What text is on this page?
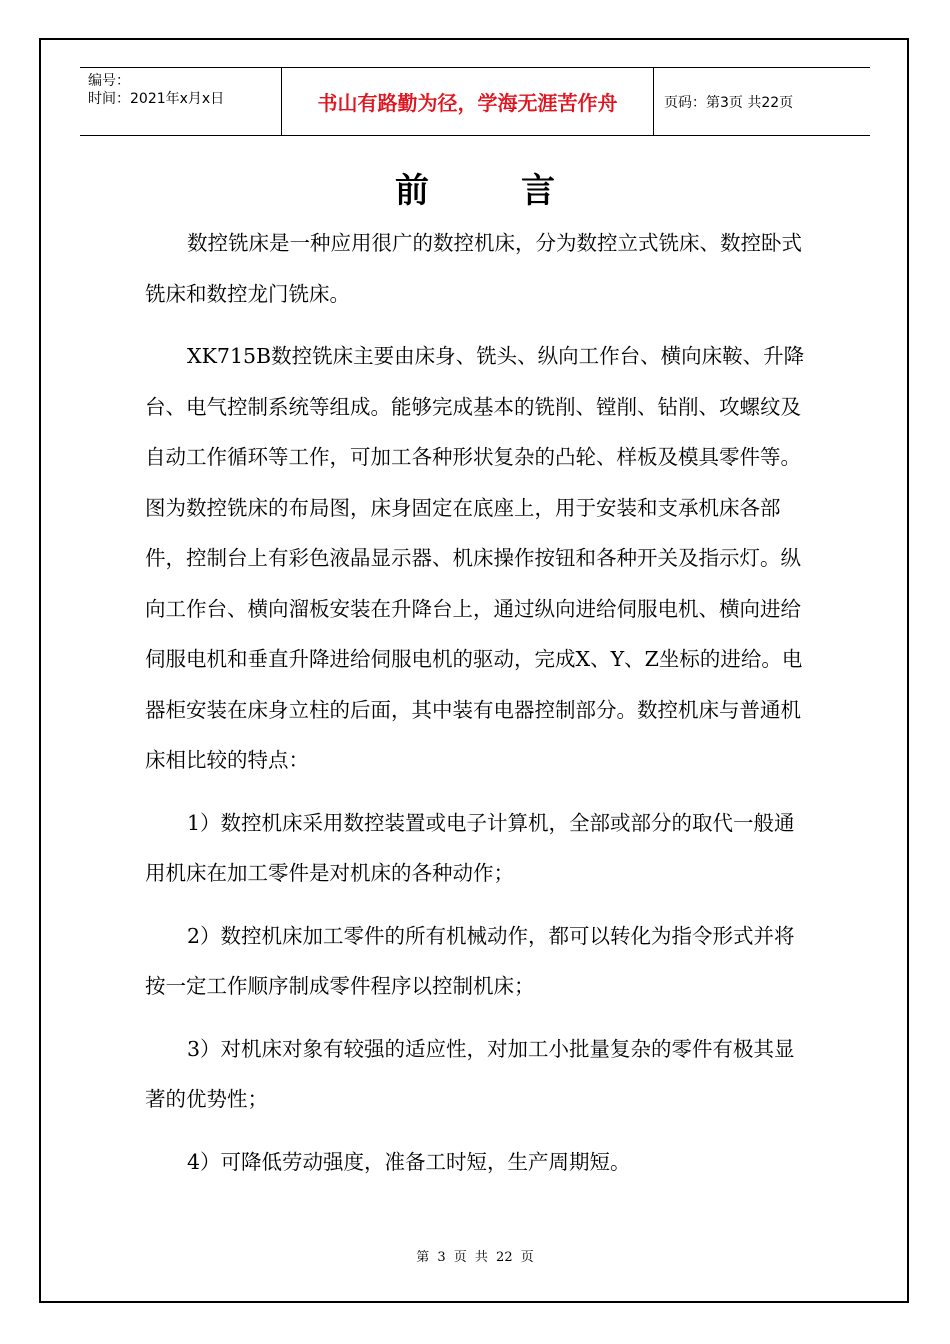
编号：
时间：2021年x月x日	书山有路勤为径，学海无涯苦作舟	页码：第3页 共22页
前言

数控铣床是一种应用很广的数控机床，分为数控立式铣床、数控卧式铣床和数控龙门铣床。

XK715B数控铣床主要由床身、铣头、纵向工作台、横向床鞍、升降台、电气控制系统等组成。能够完成基本的铣削、镗削、钻削、攻螺纹及自动工作循环等工作，可加工各种形状复杂的凸轮、样板及模具零件等。图为数控铣床的布局图，床身固定在底座上，用于安装和支承机床各部件，控制台上有彩色液晶显示器、机床操作按钮和各种开关及指示灯。纵向工作台、横向溜板安装在升降台上，通过纵向进给伺服电机、横向进给伺服电机和垂直升降进给伺服电机的驱动，完成X、Y、Z坐标的进给。电器柜安装在床身立柱的后面，其中装有电器控制部分。数控机床与普通机床相比较的特点：

1）数控机床采用数控装置或电子计算机，全部或部分的取代一般通用机床在加工零件是对机床的各种动作；

2）数控机床加工零件的所有机械动作，都可以转化为指令形式并将按一定工作顺序制成零件程序以控制机床；

3）对机床对象有较强的适应性，对加工小批量复杂的零件有极其显著的优势性；

4）可降低劳动强度，准备工时短，生产周期短。

第 3 页 共 22 页
